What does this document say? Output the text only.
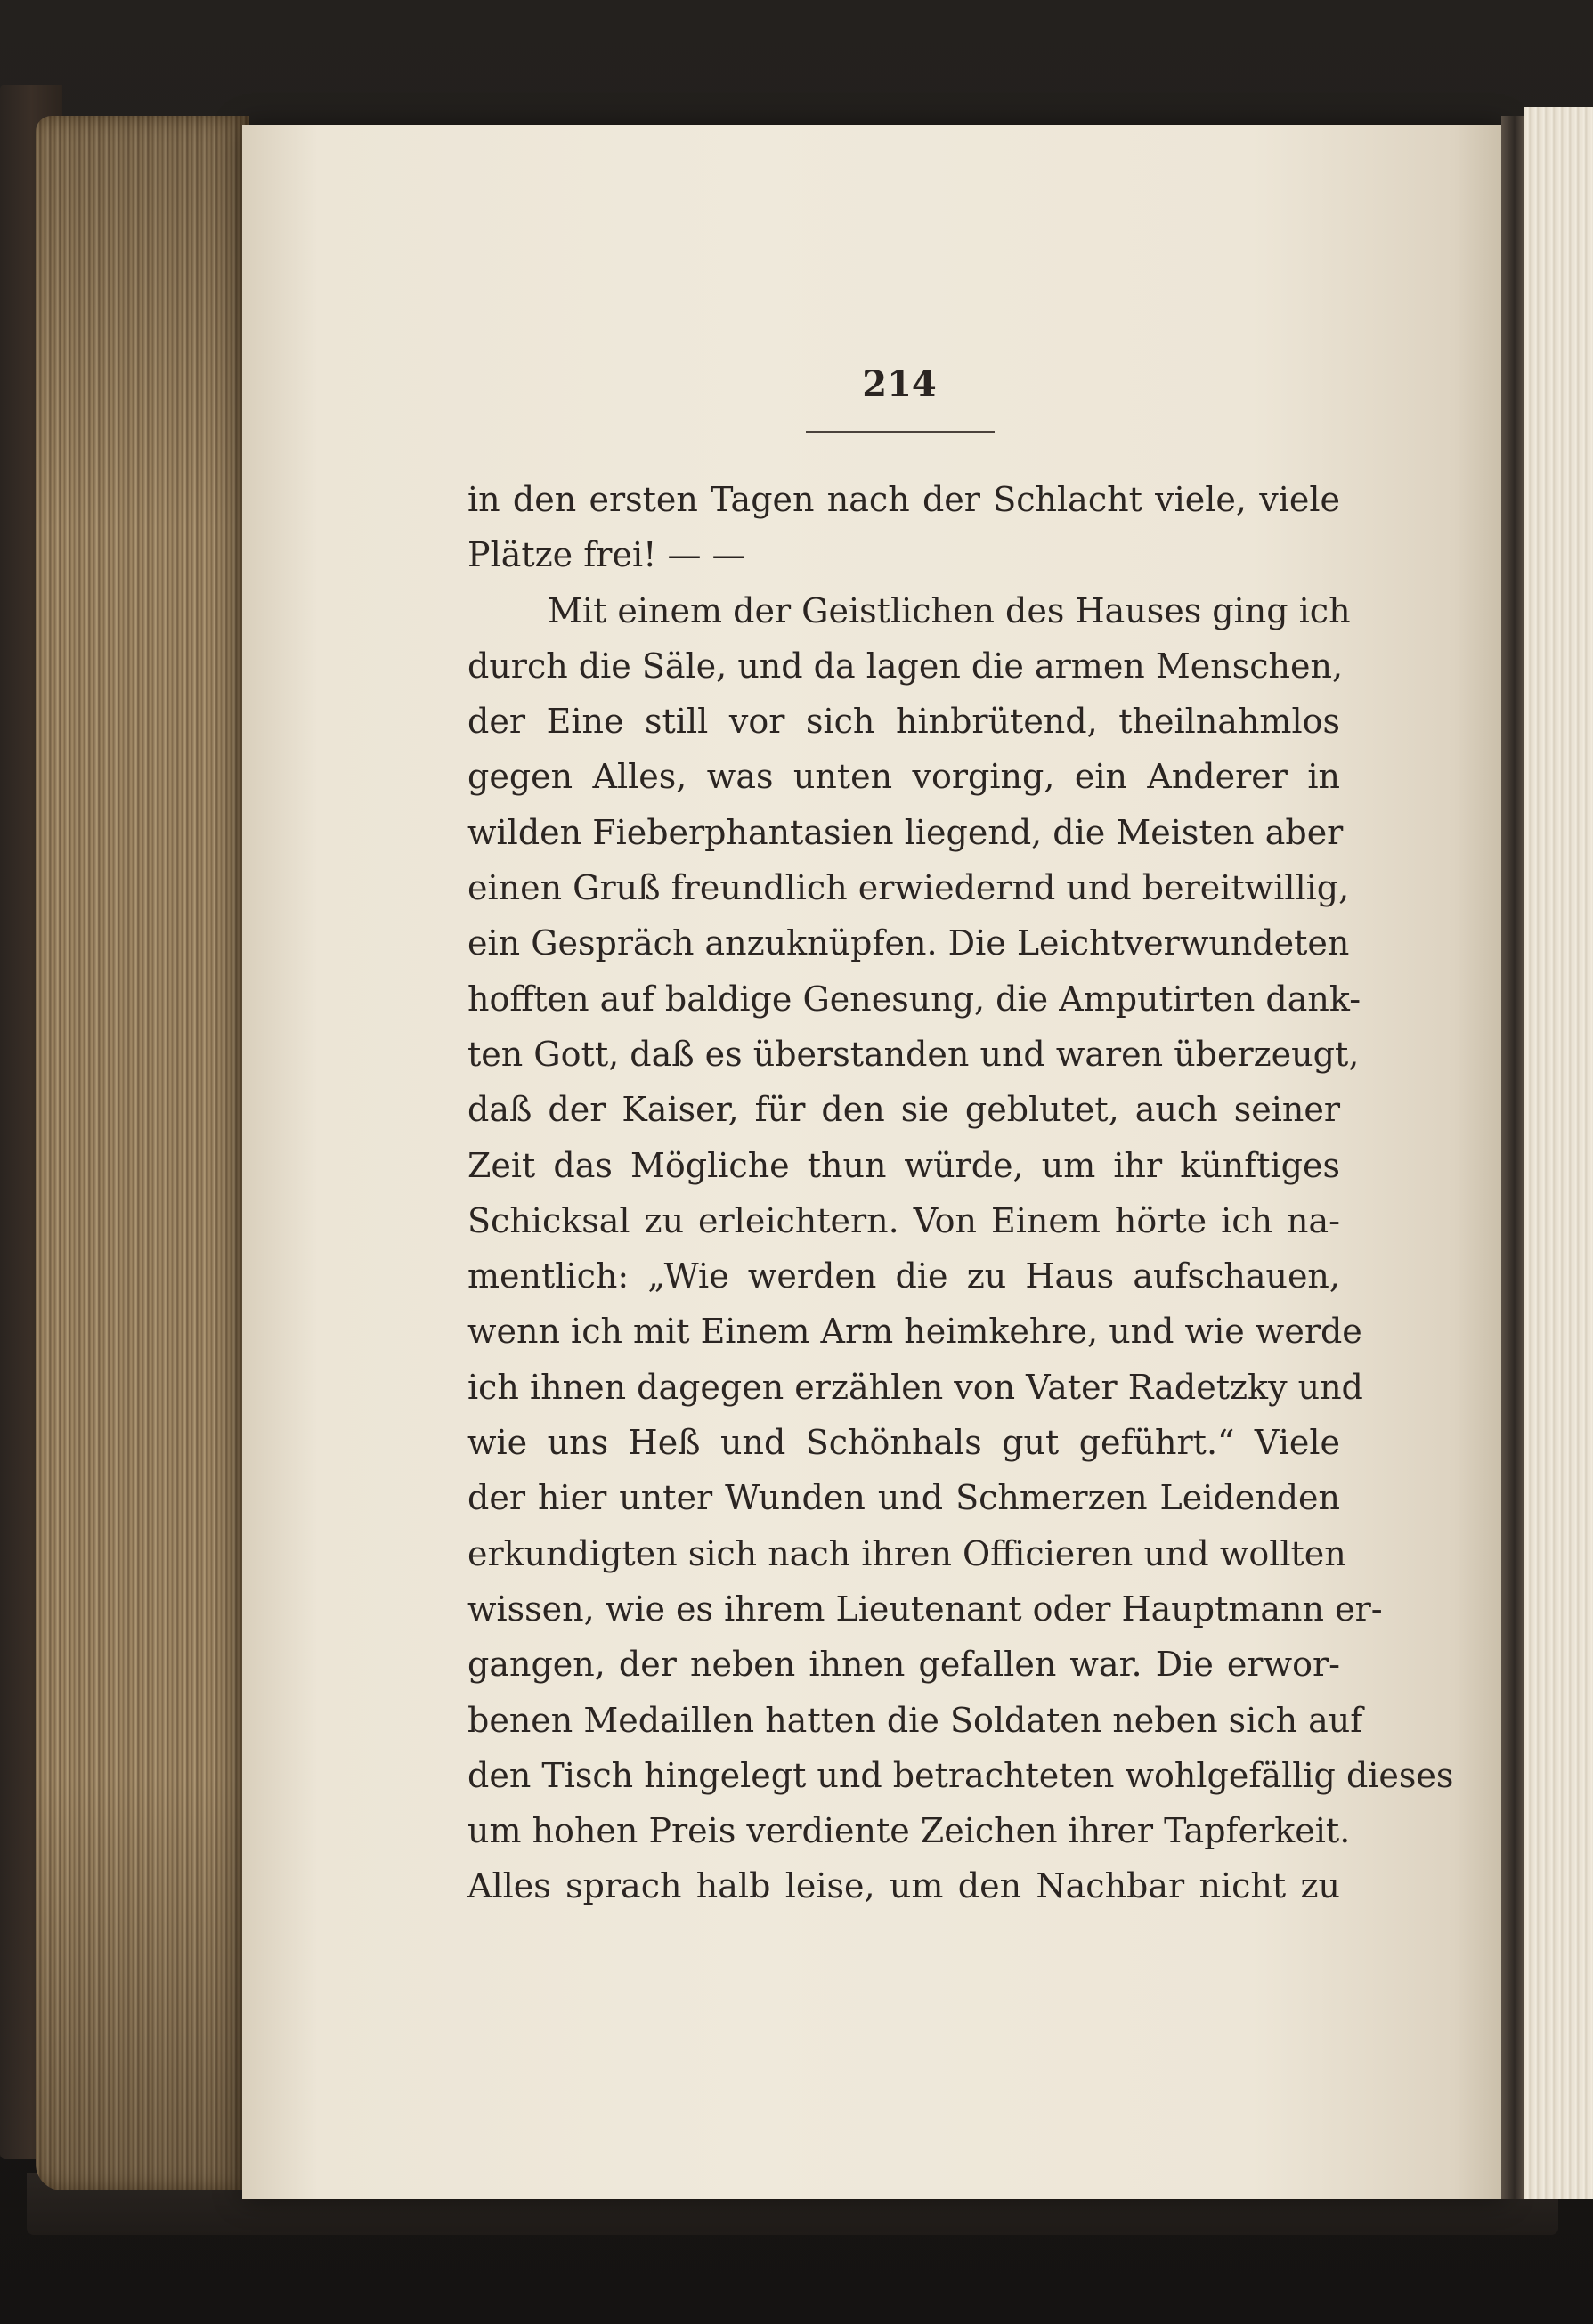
214
in den ersten Tagen nach der Schlacht viele, viele
Plätze frei! — —
Mit einem der Geistlichen des Hauses ging ich
durch die Säle, und da lagen die armen Menschen,
der Eine still vor sich hinbrütend, theilnahmlos
gegen Alles, was unten vorging, ein Anderer in
wilden Fieberphantasien liegend, die Meisten aber
einen Gruß freundlich erwiedernd und bereitwillig,
ein Gespräch anzuknüpfen. Die Leichtverwundeten
hofften auf baldige Genesung, die Amputirten dank-
ten Gott, daß es überstanden und waren überzeugt,
daß der Kaiser, für den sie geblutet, auch seiner
Zeit das Mögliche thun würde, um ihr künftiges
Schicksal zu erleichtern. Von Einem hörte ich na-
mentlich: „Wie werden die zu Haus aufschauen,
wenn ich mit Einem Arm heimkehre, und wie werde
ich ihnen dagegen erzählen von Vater Radetzky und
wie uns Heß und Schönhals gut geführt.“ Viele
der hier unter Wunden und Schmerzen Leidenden
erkundigten sich nach ihren Officieren und wollten
wissen, wie es ihrem Lieutenant oder Hauptmann er-
gangen, der neben ihnen gefallen war. Die erwor-
benen Medaillen hatten die Soldaten neben sich auf
den Tisch hingelegt und betrachteten wohlgefällig dieses
um hohen Preis verdiente Zeichen ihrer Tapferkeit.
Alles sprach halb leise, um den Nachbar nicht zu
